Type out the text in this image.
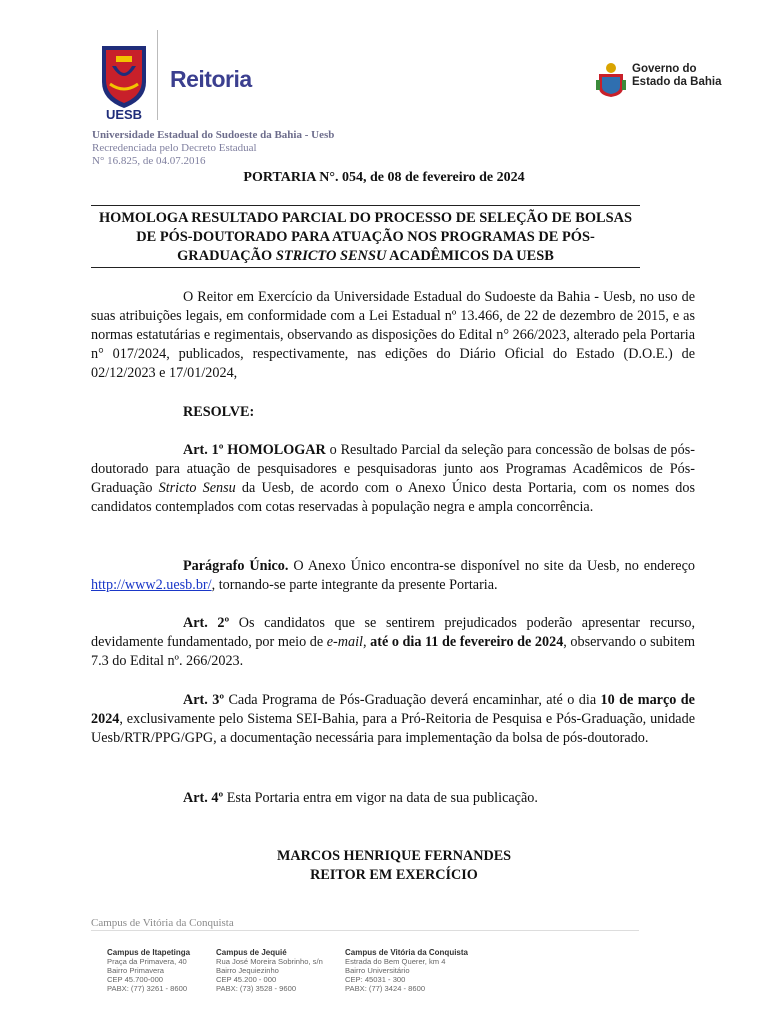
UESB
Reitoria	Governo do
Estado da Bahia
Universidade Estadual do Sudoeste da Bahia - Uesb
Recredenciada pelo Decreto Estadual
N° 16.825, de 04.07.2016
PORTARIA N°. 054, de 08 de fevereiro de 2024
HOMOLOGA RESULTADO PARCIAL DO PROCESSO DE SELEÇÃO DE BOLSAS
DE PÓS-DOUTORADO PARA ATUAÇÃO NOS PROGRAMAS DE PÓS-
GRADUAÇÃO STRICTO SENSU ACADÊMICOS DA UESB
O Reitor em Exercício da Universidade Estadual do Sudoeste da Bahia - Uesb, no uso de suas atribuições legais, em conformidade com a Lei Estadual nº 13.466, de 22 de dezembro de 2015, e as normas estatutárias e regimentais, observando as disposições do Edital n° 266/2023, alterado pela Portaria n° 017/2024, publicados, respectivamente, nas edições do Diário Oficial do Estado (D.O.E.) de 02/12/2023 e 17/01/2024,
RESOLVE:
Art. 1º HOMOLOGAR o Resultado Parcial da seleção para concessão de bolsas de pós-doutorado para atuação de pesquisadores e pesquisadoras junto aos Programas Acadêmicos de Pós-Graduação Stricto Sensu da Uesb, de acordo com o Anexo Único desta Portaria, com os nomes dos candidatos contemplados com cotas reservadas à população negra e ampla concorrência.
Parágrafo Único. O Anexo Único encontra-se disponível no site da Uesb, no endereço http://www2.uesb.br/, tornando-se parte integrante da presente Portaria.
Art. 2º Os candidatos que se sentirem prejudicados poderão apresentar recurso, devidamente fundamentado, por meio de e-mail, até o dia 11 de fevereiro de 2024, observando o subitem 7.3 do Edital nº. 266/2023.
Art. 3º Cada Programa de Pós-Graduação deverá encaminhar, até o dia 10 de março de 2024, exclusivamente pelo Sistema SEI-Bahia, para a Pró-Reitoria de Pesquisa e Pós-Graduação, unidade Uesb/RTR/PPG/GPG, a documentação necessária para implementação da bolsa de pós-doutorado.
Art. 4º Esta Portaria entra em vigor na data de sua publicação.
MARCOS HENRIQUE FERNANDES
REITOR EM EXERCÍCIO
Campus de Vitória da Conquista
Campus de Itapetinga
Praça da Primavera, 40
Bairro Primavera
CEP 45.700-000
PABX: (77) 3261 - 8600
Campus de Jequié
Rua José Moreira Sobrinho, s/n
Bairro Jequiezinho
CEP 45.200 - 000
PABX: (73) 3528 - 9600
Campus de Vitória da Conquista
Estrada do Bem Querer, km 4
Bairro Universitário
CEP: 45031 - 300
PABX: (77) 3424 - 8600
